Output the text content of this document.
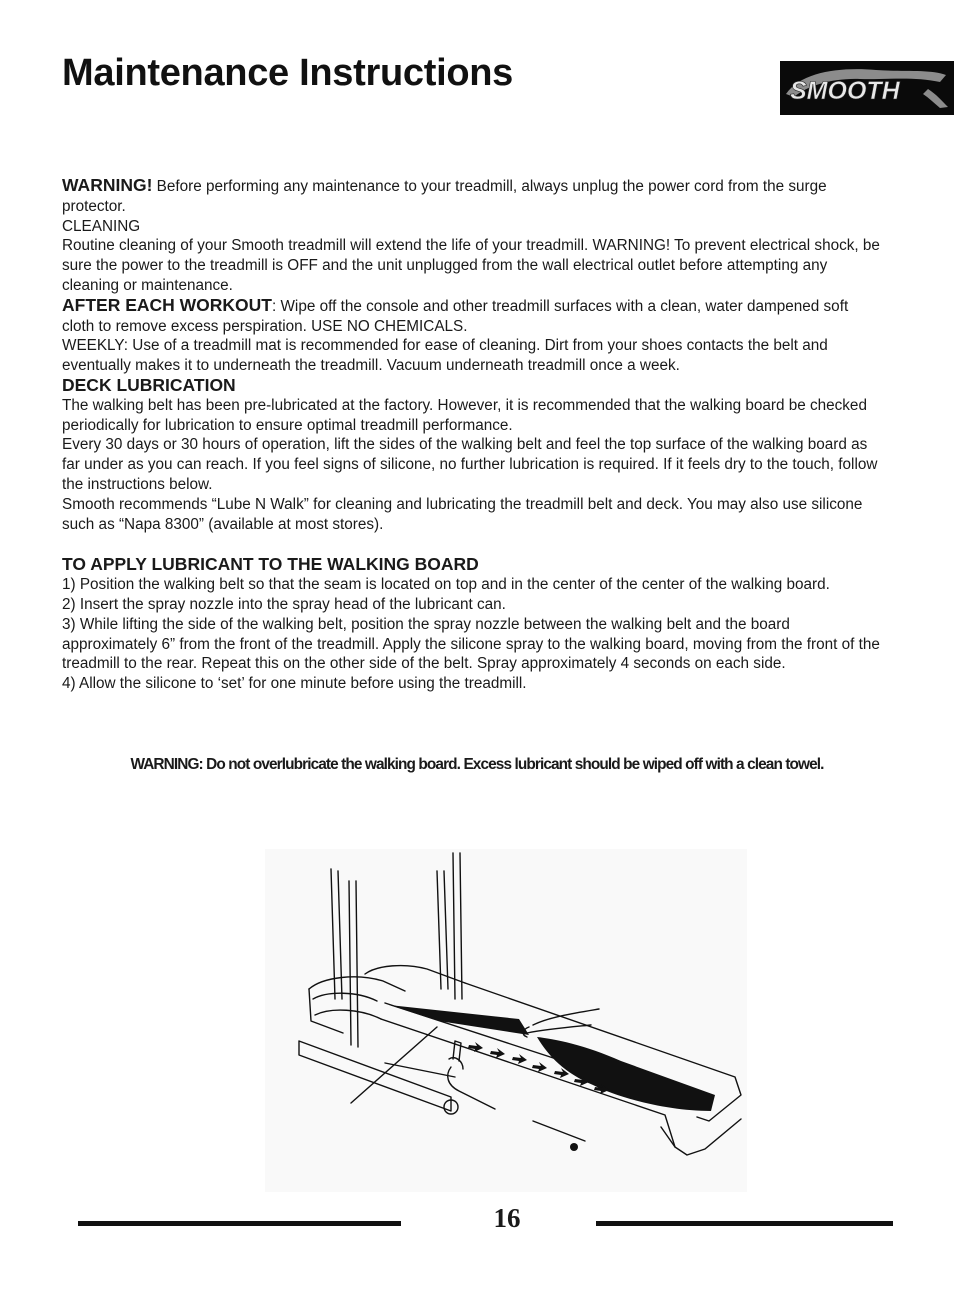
Maintenance Instructions	SMOOTH

WARNING! Before performing any maintenance to your treadmill, always unplug the power cord from the surge protector.

CLEANING

Routine cleaning of your Smooth treadmill will extend the life of your treadmill. WARNING! To prevent electrical shock, be sure the power to the treadmill is OFF and the unit unplugged from the wall electrical outlet before attempting any cleaning or maintenance.

AFTER EACH WORKOUT: Wipe off the console and other treadmill surfaces with a clean, water dampened soft cloth to remove excess perspiration. USE NO CHEMICALS.

WEEKLY: Use of a treadmill mat is recommended for ease of cleaning. Dirt from your shoes contacts the belt and eventually makes it to underneath the treadmill. Vacuum underneath treadmill once a week.

DECK LUBRICATION

The walking belt has been pre-lubricated at the factory. However, it is recommended that the walking board be checked periodically for lubrication to ensure optimal treadmill performance.

Every 30 days or 30 hours of operation, lift the sides of the walking belt and feel the top surface of the walking board as far under as you can reach. If you feel signs of silicone, no further lubrication is required. If it feels dry to the touch, follow the instructions below.

Smooth recommends “Lube N Walk” for cleaning and lubricating the treadmill belt and deck. You may also use silicone such as “Napa 8300” (available at most stores).

TO APPLY LUBRICANT TO THE WALKING BOARD

1) Position the walking belt so that the seam is located on top and in the center of the center of the walking board.

2) Insert the spray nozzle into the spray head of the lubricant can.

3) While lifting the side of the walking belt, position the spray nozzle between the walking belt and the board approximately 6” from the front of the treadmill. Apply the silicone spray to the walking board, moving from the front of the treadmill to the rear. Repeat this on the other side of the belt. Spray approximately 4 seconds on each side.

4) Allow the silicone to ‘set’ for one minute before using the treadmill.

WARNING: Do not overlubricate the walking board. Excess lubricant should be wiped off with a clean towel.
16
